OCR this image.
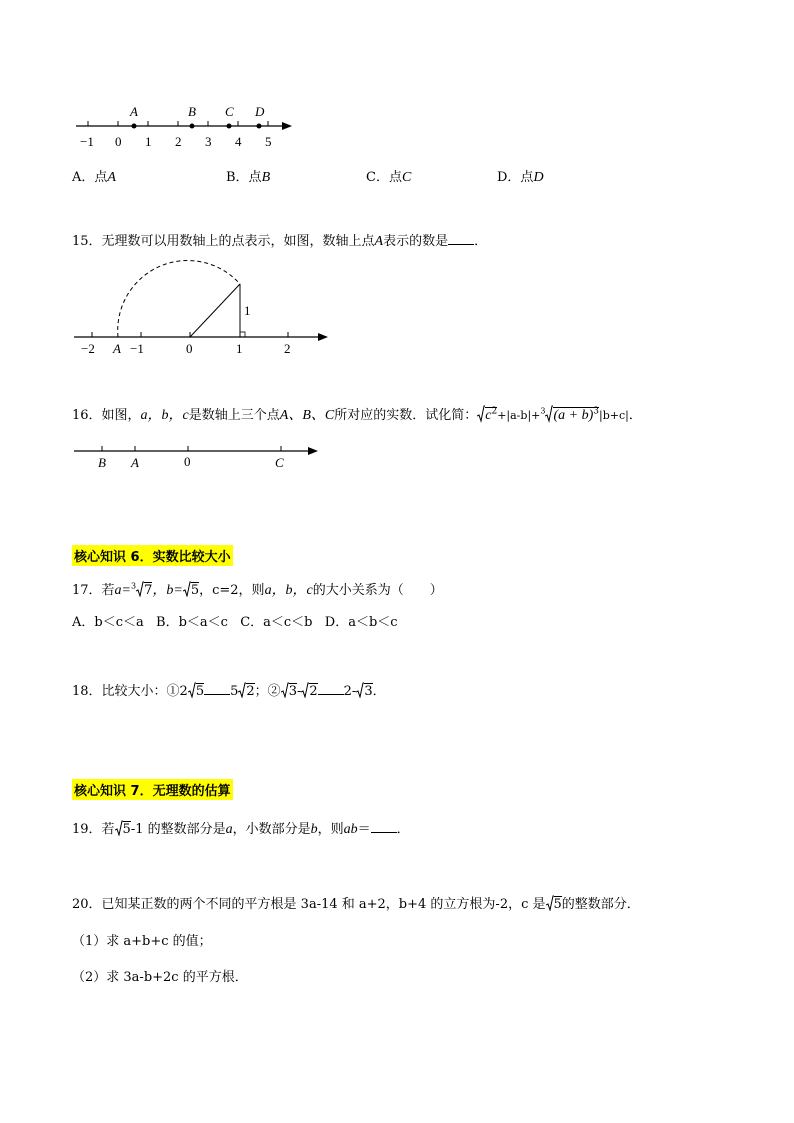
−1 0 1 2 3 4 5
A	B C D
A．点A	B．点B	C．点C	D．点D
15．无理数可以用数轴上的点表示，如图，数轴上点A表示的数是 ．
−2	−1	0	1	2
1
A
16．如图，a，b，c是数轴上三个点A、B、C所对应的实数．试化简： $c^2+|a-b|+^3$ $(a + b)^3|b+c|$．
B A	0	C
核心知识 6．实数比较大小
17．若a=$^3$ 7，b= 5，c=2，则a，b，c的大小关系为（　　）
A．b＜c＜a B．b＜a＜c C．a＜c＜b D．a＜b＜c
18．比较大小：①2 5 5 2；② 3- 2 2- 3．
核心知识 7．无理数的估算
19．若 5-1 的整数部分是a，小数部分是b，则ab＝ ．
20．已知某正数的两个不同的平方根是 3a-14 和 a+2，b+4 的立方根为-2，c 是 5的整数部分．
（1）求 a+b+c 的值；
（2）求 3a-b+2c 的平方根．
